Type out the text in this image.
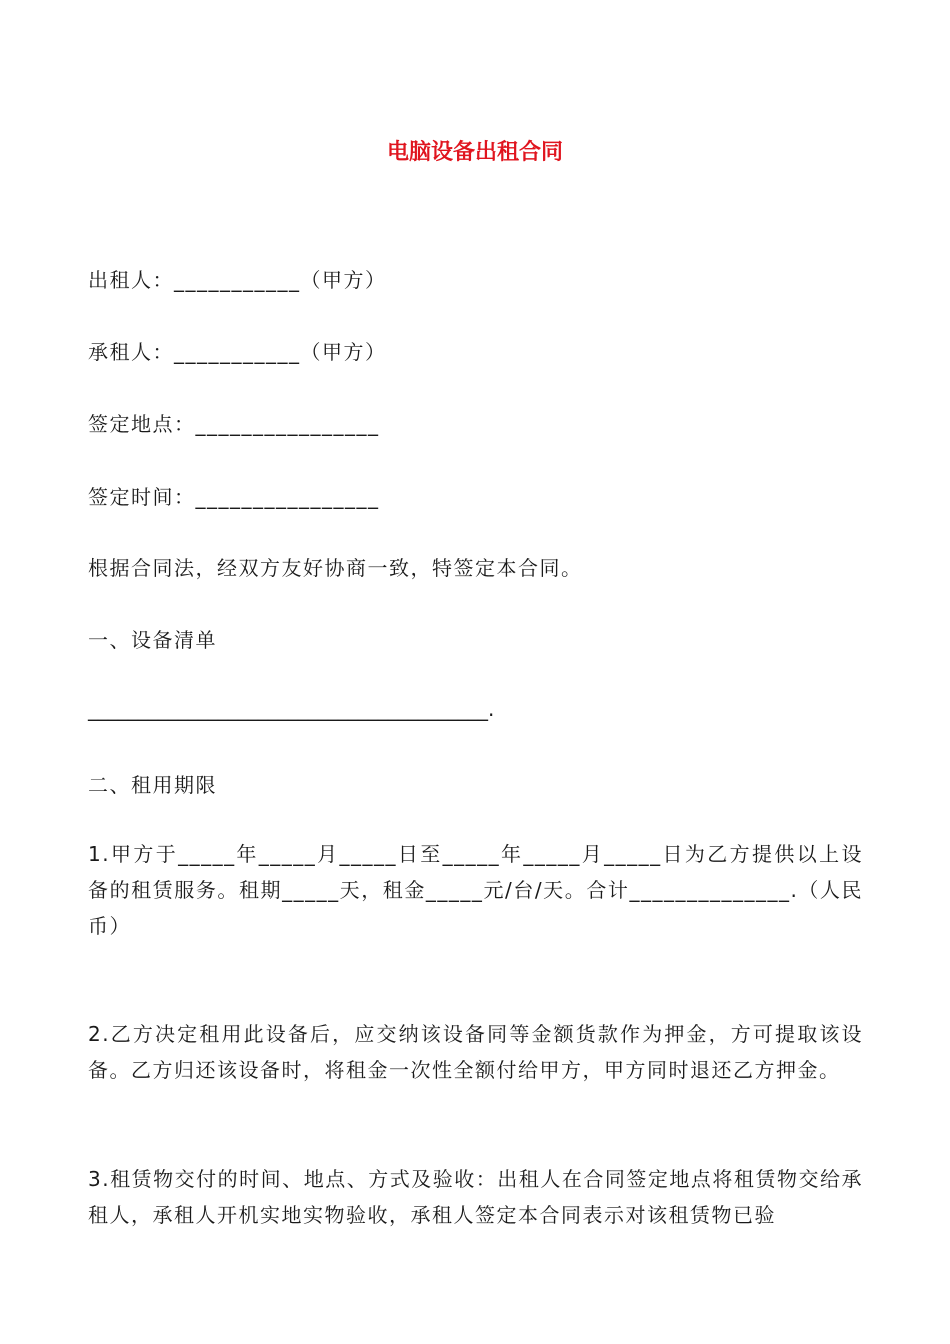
电脑设备出租合同
出租人：___________（甲方）
承租人：___________（甲方）
签定地点：________________
签定时间：________________
根据合同法，经双方友好协商一致，特签定本合同。
一、设备清单
________________________________________.
二、租用期限
1.甲方于_____年_____月_____日至_____年_____月_____日为乙方提供以上设备的租赁服务。租期_____天，租金_____元/台/天。合计______________.（人民币）
2.乙方决定租用此设备后，应交纳该设备同等金额货款作为押金，方可提取该设备。乙方归还该设备时，将租金一次性全额付给甲方，甲方同时退还乙方押金。
3.租赁物交付的时间、地点、方式及验收：出租人在合同签定地点将租赁物交给承租人，承租人开机实地实物验收，承租人签定本合同表示对该租赁物已验
